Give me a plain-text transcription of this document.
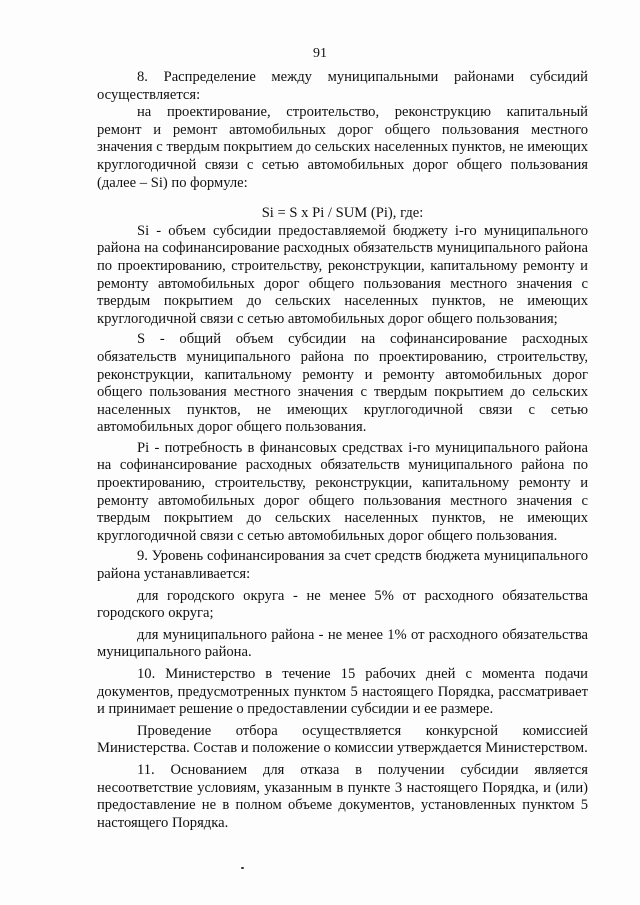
91

8. Распределение между муниципальными районами субсидий осуществляется:

на проектирование, строительство, реконструкцию капитальный ремонт и ремонт автомобильных дорог общего пользования местного значения с твердым покрытием до сельских населенных пунктов, не имеющих круглогодичной связи с сетью автомобильных дорог общего пользования (далее – Si) по формуле:

Si = S x Pi / SUM (Pi), где:

Si - объем субсидии предоставляемой бюджету i-го муниципального района на софинансирование расходных обязательств муниципального района по проектированию, строительству, реконструкции, капитальному ремонту и ремонту автомобильных дорог общего пользования местного значения с твердым покрытием до сельских населенных пунктов, не имеющих круглогодичной связи с сетью автомобильных дорог общего пользования;

S - общий объем субсидии на софинансирование расходных обязательств муниципального района по проектированию, строительству, реконструкции, капитальному ремонту и ремонту автомобильных дорог общего пользования местного значения с твердым покрытием до сельских населенных пунктов, не имеющих круглогодичной связи с сетью автомобильных дорог общего пользования.

Pi - потребность в финансовых средствах i-го муниципального района на софинансирование расходных обязательств муниципального района по проектированию, строительству, реконструкции, капитальному ремонту и ремонту автомобильных дорог общего пользования местного значения с твердым покрытием до сельских населенных пунктов, не имеющих круглогодичной связи с сетью автомобильных дорог общего пользования.

9. Уровень софинансирования за счет средств бюджета муниципального района устанавливается:

для городского округа - не менее 5% от расходного обязательства городского округа;

для муниципального района - не менее 1% от расходного обязательства муниципального района.

10. Министерство в течение 15 рабочих дней с момента подачи документов, предусмотренных пунктом 5 настоящего Порядка, рассматривает и принимает решение о предоставлении субсидии и ее размере.

Проведение отбора осуществляется конкурсной комиссией Министерства. Состав и положение о комиссии утверждается Министерством.

11. Основанием для отказа в получении субсидии является несоответствие условиям, указанным в пункте 3 настоящего Порядка, и (или) предоставление не в полном объеме документов, установленных пунктом 5 настоящего Порядка.
